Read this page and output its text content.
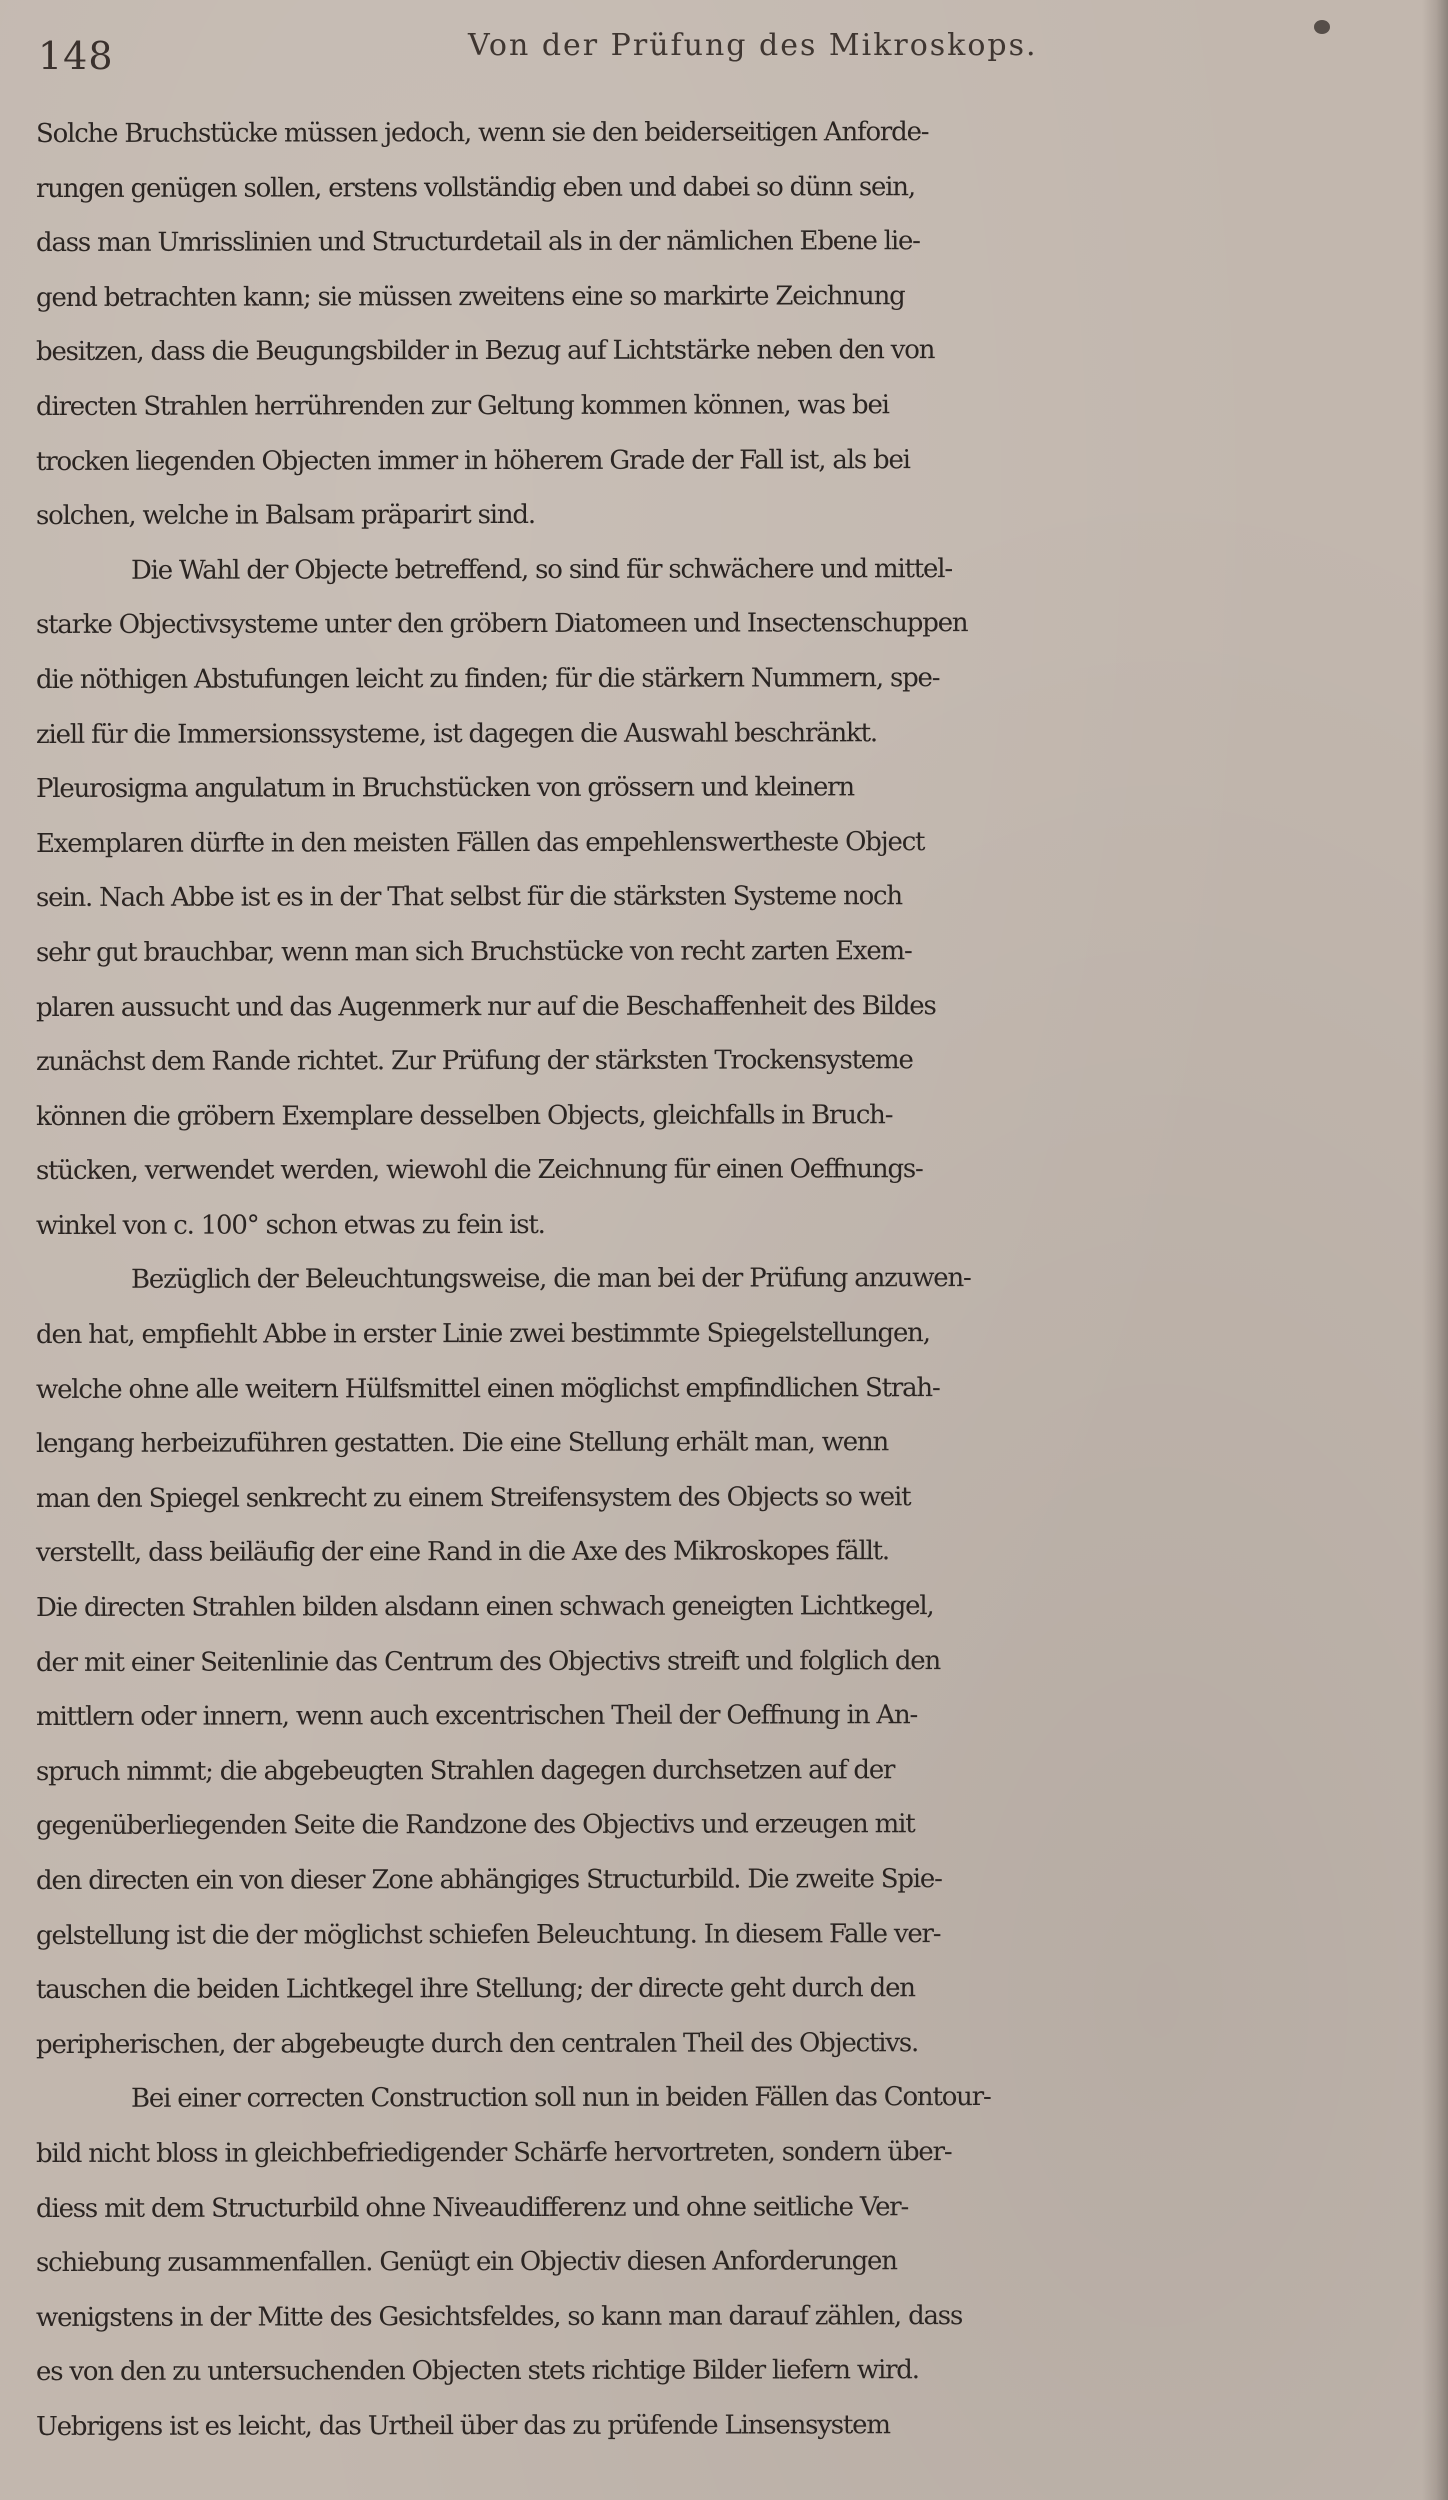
148	Von der Prüfung des Mikroskops.
Solche Bruchstücke müssen jedoch, wenn sie den beiderseitigen Anforde-
rungen genügen sollen, erstens vollständig eben und dabei so dünn sein,
dass man Umrisslinien und Structurdetail als in der nämlichen Ebene lie-
gend betrachten kann; sie müssen zweitens eine so markirte Zeichnung
besitzen, dass die Beugungsbilder in Bezug auf Lichtstärke neben den von
directen Strahlen herrührenden zur Geltung kommen können, was bei
trocken liegenden Objecten immer in höherem Grade der Fall ist, als bei
solchen, welche in Balsam präparirt sind.
Die Wahl der Objecte betreffend, so sind für schwächere und mittel-
starke Objectivsysteme unter den gröbern Diatomeen und Insectenschuppen
die nöthigen Abstufungen leicht zu finden; für die stärkern Nummern, spe-
ziell für die Immersionssysteme, ist dagegen die Auswahl beschränkt.
Pleurosigma angulatum in Bruchstücken von grössern und kleinern
Exemplaren dürfte in den meisten Fällen das empehlenswertheste Object
sein. Nach Abbe ist es in der That selbst für die stärksten Systeme noch
sehr gut brauchbar, wenn man sich Bruchstücke von recht zarten Exem-
plaren aussucht und das Augenmerk nur auf die Beschaffenheit des Bildes
zunächst dem Rande richtet. Zur Prüfung der stärksten Trockensysteme
können die gröbern Exemplare desselben Objects, gleichfalls in Bruch-
stücken, verwendet werden, wiewohl die Zeichnung für einen Oeffnungs-
winkel von c. 100° schon etwas zu fein ist.
Bezüglich der Beleuchtungsweise, die man bei der Prüfung anzuwen-
den hat, empfiehlt Abbe in erster Linie zwei bestimmte Spiegelstellungen,
welche ohne alle weitern Hülfsmittel einen möglichst empfindlichen Strah-
lengang herbeizuführen gestatten. Die eine Stellung erhält man, wenn
man den Spiegel senkrecht zu einem Streifensystem des Objects so weit
verstellt, dass beiläufig der eine Rand in die Axe des Mikroskopes fällt.
Die directen Strahlen bilden alsdann einen schwach geneigten Lichtkegel,
der mit einer Seitenlinie das Centrum des Objectivs streift und folglich den
mittlern oder innern, wenn auch excentrischen Theil der Oeffnung in An-
spruch nimmt; die abgebeugten Strahlen dagegen durchsetzen auf der
gegenüberliegenden Seite die Randzone des Objectivs und erzeugen mit
den directen ein von dieser Zone abhängiges Structurbild. Die zweite Spie-
gelstellung ist die der möglichst schiefen Beleuchtung. In diesem Falle ver-
tauschen die beiden Lichtkegel ihre Stellung; der directe geht durch den
peripherischen, der abgebeugte durch den centralen Theil des Objectivs.
Bei einer correcten Construction soll nun in beiden Fällen das Contour-
bild nicht bloss in gleichbefriedigender Schärfe hervortreten, sondern über-
diess mit dem Structurbild ohne Niveaudifferenz und ohne seitliche Ver-
schiebung zusammenfallen. Genügt ein Objectiv diesen Anforderungen
wenigstens in der Mitte des Gesichtsfeldes, so kann man darauf zählen, dass
es von den zu untersuchenden Objecten stets richtige Bilder liefern wird.
Uebrigens ist es leicht, das Urtheil über das zu prüfende Linsensystem
